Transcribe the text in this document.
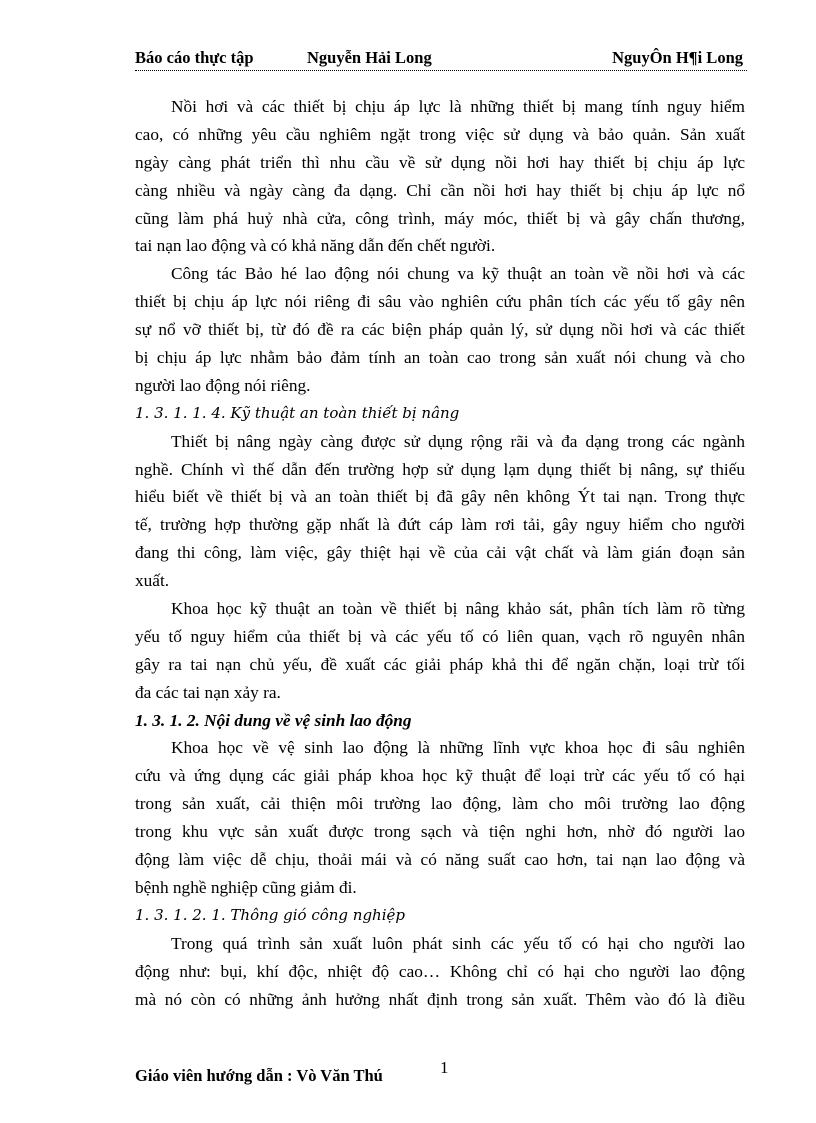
Báo cáo thực tập	Nguyễn Hải Long	NguyÔn H¶i Long
Nồi hơi và các thiết bị chịu áp lực là những thiết bị mang tính nguy hiểm
cao, có những yêu cầu nghiêm ngặt trong việc sử dụng và bảo quản. Sản xuất
ngày càng phát triển thì nhu cầu về sử dụng nồi hơi hay thiết bị chịu áp lực
càng nhiều và ngày càng đa dạng. Chỉ cần nồi hơi hay thiết bị chịu áp lực nổ
cũng làm phá huỷ nhà cửa, công trình, máy móc, thiết bị và gây chấn thương,
tai nạn lao động và có khả năng dẫn đến chết người.
Công tác Bảo hé lao động nói chung va kỹ thuật an toàn về nồi hơi và các
thiết bị chịu áp lực nói riêng đi sâu vào nghiên cứu phân tích các yếu tố gây nên
sự nổ vỡ thiết bị, từ đó đề ra các biện pháp quản lý, sử dụng nồi hơi và các thiết
bị chịu áp lực nhằm bảo đảm tính an toàn cao trong sản xuất nói chung và cho
người lao động nói riêng.
1. 3. 1. 1. 4. Kỹ thuật an toàn thiết bị nâng
Thiết bị nâng ngày càng được sử dụng rộng rãi và đa dạng trong các ngành
nghề. Chính vì thế dẫn đến trường hợp sử dụng lạm dụng thiết bị nâng, sự thiếu
hiểu biết về thiết bị và an toàn thiết bị đã gây nên không Ýt tai nạn. Trong thực
tế, trường hợp thường gặp nhất là đứt cáp làm rơi tải, gây nguy hiểm cho người
đang thi công, làm việc, gây thiệt hại về của cải vật chất và làm gián đoạn sản
xuất.
Khoa học kỹ thuật an toàn về thiết bị nâng khảo sát, phân tích làm rõ từng
yếu tố nguy hiểm của thiết bị và các yếu tố có liên quan, vạch rõ nguyên nhân
gây ra tai nạn chủ yếu, đề xuất các giải pháp khả thi để ngăn chặn, loại trừ tối
đa các tai nạn xảy ra.
1. 3. 1. 2. Nội dung về vệ sinh lao động
Khoa học về vệ sinh lao động là những lĩnh vực khoa học đi sâu nghiên
cứu và ứng dụng các giải pháp khoa học kỹ thuật để loại trừ các yếu tố có hại
trong sản xuất, cải thiện môi trường lao động, làm cho môi trường lao động
trong khu vực sản xuất được trong sạch và tiện nghi hơn, nhờ đó người lao
động làm việc dễ chịu, thoải mái và có năng suất cao hơn, tai nạn lao động và
bệnh nghề nghiệp cũng giảm đi.
1. 3. 1. 2. 1. Thông gió công nghiệp
Trong quá trình sản xuất luôn phát sinh các yếu tố có hại cho người lao
động như: bụi, khí độc, nhiệt độ cao… Không chỉ có hại cho người lao động
mà nó còn có những ảnh hưởng nhất định trong sản xuất. Thêm vào đó là điều
Giáo viên hướng dẫn : Vò Văn Thú	1
